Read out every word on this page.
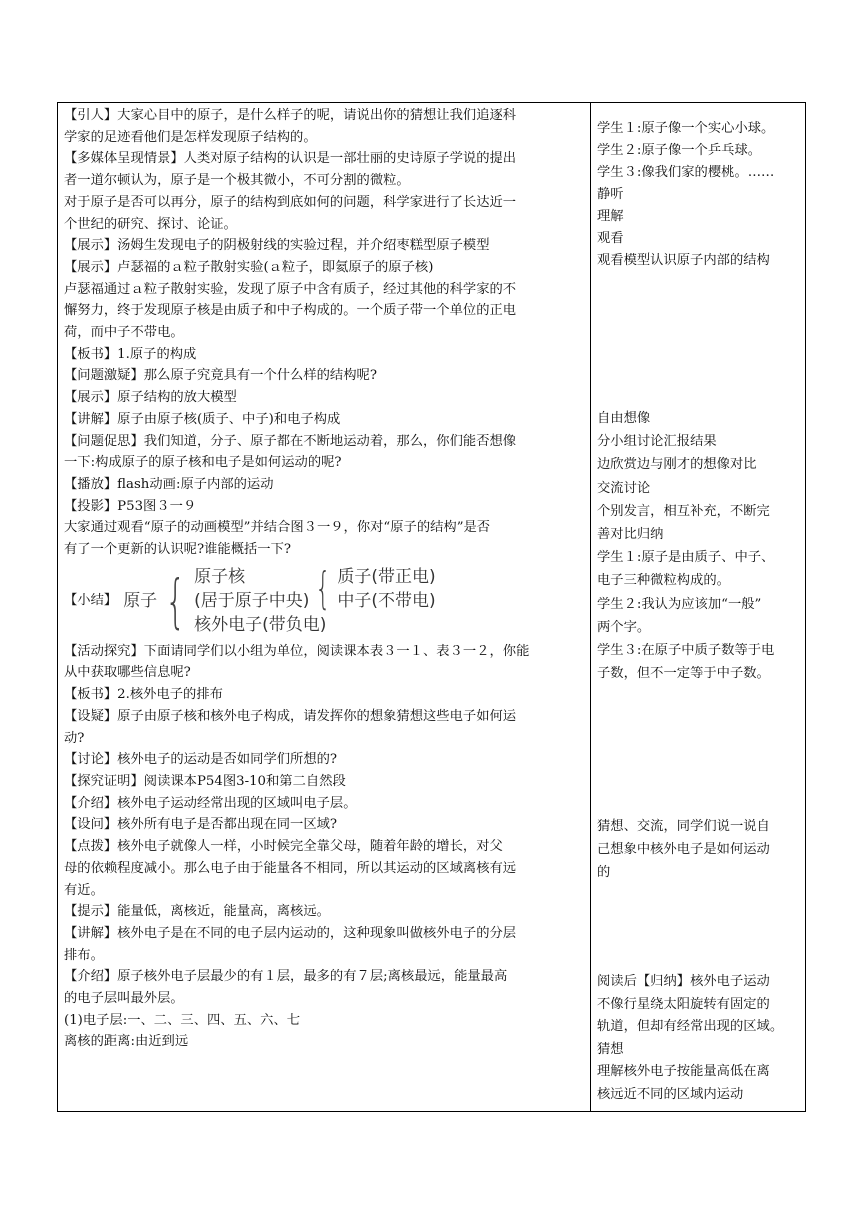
【引人】大家心目中的原子，是什么样子的呢，请说出你的猜想让我们追逐科

学家的足迹看他们是怎样发现原子结构的。

【多媒体呈现情景】人类对原子结构的认识是一部壮丽的史诗原子学说的提出

者一道尔顿认为，原子是一个极其微小，不可分割的微粒。

对于原子是否可以再分，原子的结构到底如何的问题，科学家进行了长达近一

个世纪的研究、探讨、论证。

【展示】汤姆生发现电子的阴极射线的实验过程，并介绍枣糕型原子模型

【展示】卢瑟福的ａ粒子散射实验(ａ粒子，即氦原子的原子核)

卢瑟福通过ａ粒子散射实验，发现了原子中含有质子，经过其他的科学家的不

懈努力，终于发现原子核是由质子和中子构成的。一个质子带一个单位的正电

荷，而中子不带电。

【板书】1.原子的构成

【问题激疑】那么原子究竟具有一个什么样的结构呢?

【展示】原子结构的放大模型

【讲解】原子由原子核(质子、中子)和电子构成

【问题促思】我们知道，分子、原子都在不断地运动着，那么，你们能否想像

一下:构成原子的原子核和电子是如何运动的呢?

【播放】flash动画:原子内部的运动

【投影】P53图３一９

大家通过观看“原子的动画模型”并结合图３一９，你对“原子的结构”是否

有了一个更新的认识呢?谁能概括一下?

【小结】 原子 { 原子核
(居于原子中央) { 质子(带正电)
中子(不带电)
核外电子(带负电)

【活动探究】下面请同学们以小组为单位，阅读课本表３一１、表３一２，你能

从中获取哪些信息呢?

【板书】2.核外电子的排布

【设疑】原子由原子核和核外电子构成，请发挥你的想象猜想这些电子如何运

动?

【讨论】核外电子的运动是否如同学们所想的?

【探究证明】阅读课本P54图3-10和第二自然段

【介绍】核外电子运动经常出现的区域叫电子层。

【设问】核外所有电子是否都出现在同一区域?

【点拨】核外电子就像人一样，小时候完全靠父母，随着年龄的增长，对父

母的依赖程度减小。那么电子由于能量各不相同，所以其运动的区域离核有远

有近。

【提示】能量低，离核近，能量高，离核远。

【讲解】核外电子是在不同的电子层内运动的，这种现象叫做核外电子的分层

排布。

【介绍】原子核外电子层最少的有１层，最多的有７层;离核最远，能量最高

的电子层叫最外层。

(1)电子层:一、二、三、四、五、六、七

离核的距离:由近到远

学生１:原子像一个实心小球。

学生２:原子像一个乒乓球。

学生３:像我们家的樱桃。……

静听

理解

观看

观看模型认识原子内部的结构

自由想像

分小组讨论汇报结果

边欣赏边与刚才的想像对比

交流讨论

个别发言，相互补充，不断完

善对比归纳

学生１:原子是由质子、中子、

电子三种微粒构成的。

学生２:我认为应该加“一般”

两个字。

学生３:在原子中质子数等于电

子数，但不一定等于中子数。

猜想、交流，同学们说一说自

己想象中核外电子是如何运动

的

阅读后【归纳】核外电子运动

不像行星绕太阳旋转有固定的

轨道，但却有经常出现的区域。

猜想

理解核外电子按能量高低在离

核远近不同的区域内运动
